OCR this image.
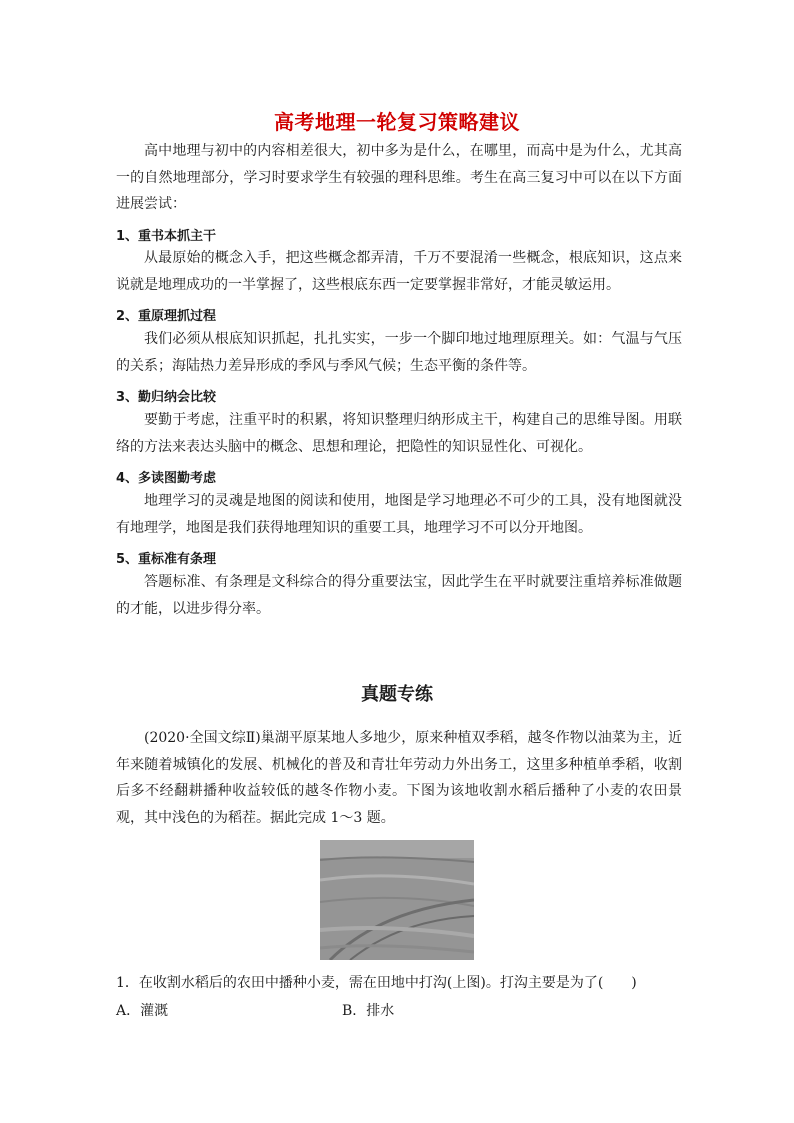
高考地理一轮复习策略建议

高中地理与初中的内容相差很大，初中多为是什么，在哪里，而高中是为什么，尤其高一的自然地理部分，学习时要求学生有较强的理科思维。考生在高三复习中可以在以下方面进展尝试：

1、重书本抓主干

从最原始的概念入手，把这些概念都弄清，千万不要混淆一些概念，根底知识，这点来说就是地理成功的一半掌握了，这些根底东西一定要掌握非常好，才能灵敏运用。

2、重原理抓过程

我们必须从根底知识抓起，扎扎实实，一步一个脚印地过地理原理关。如：气温与气压的关系；海陆热力差异形成的季风与季风气候；生态平衡的条件等。

3、勤归纳会比较

要勤于考虑，注重平时的积累，将知识整理归纳形成主干，构建自己的思维导图。用联络的方法来表达头脑中的概念、思想和理论，把隐性的知识显性化、可视化。

4、多读图勤考虑

地理学习的灵魂是地图的阅读和使用，地图是学习地理必不可少的工具，没有地图就没有地理学，地图是我们获得地理知识的重要工具，地理学习不可以分开地图。

5、重标准有条理

答题标准、有条理是文科综合的得分重要法宝，因此学生在平时就要注重培养标准做题的才能，以进步得分率。

真题专练

(2020·全国文综Ⅱ)巢湖平原某地人多地少，原来种植双季稻，越冬作物以油菜为主，近年来随着城镇化的发展、机械化的普及和青壮年劳动力外出务工，这里多种植单季稻，收割后多不经翻耕播种收益较低的越冬作物小麦。下图为该地收割水稻后播种了小麦的农田景观，其中浅色的为稻茬。据此完成 1～3 题。

1．在收割水稻后的农田中播种小麦，需在田地中打沟(上图)。打沟主要是为了(　　)

A．灌溉	B．排水
